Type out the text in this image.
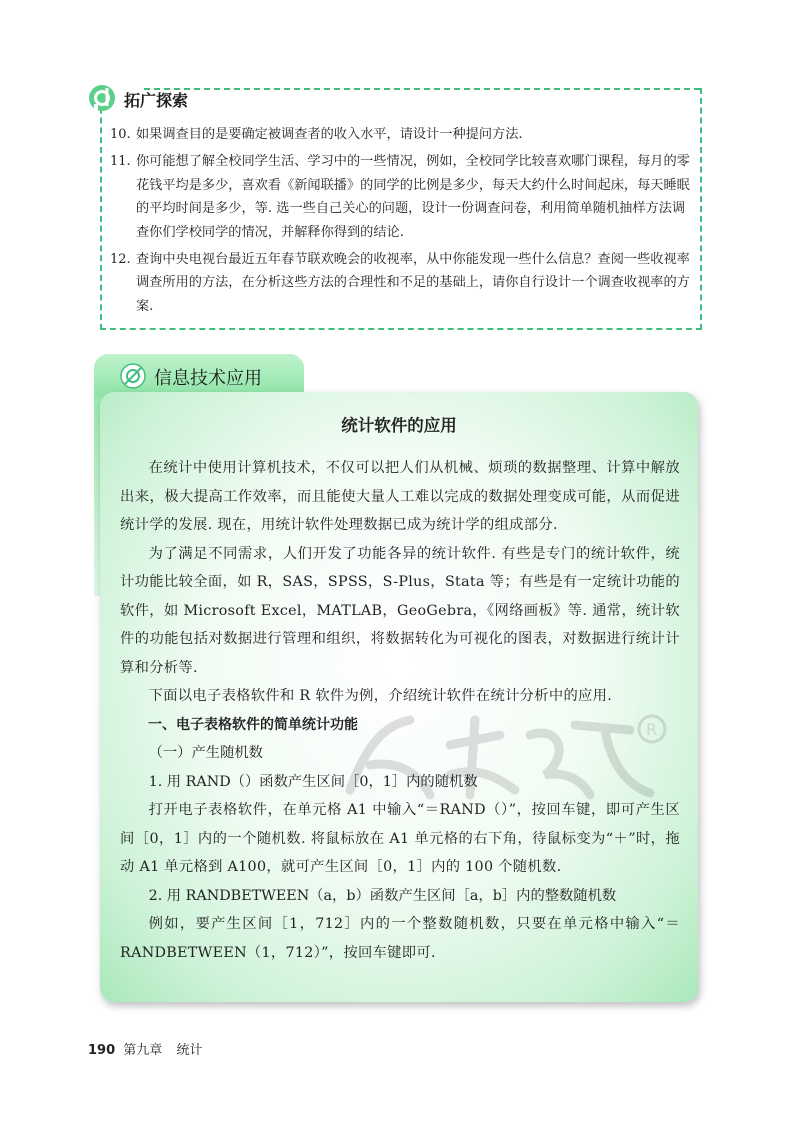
拓广探索
10. 如果调查目的是要确定被调查者的收入水平，请设计一种提问方法.
11. 你可能想了解全校同学生活、学习中的一些情况，例如，全校同学比较喜欢哪门课程，每月的零花钱平均是多少，喜欢看《新闻联播》的同学的比例是多少，每天大约什么时间起床，每天睡眠的平均时间是多少，等. 选一些自己关心的问题，设计一份调查问卷，利用简单随机抽样方法调查你们学校同学的情况，并解释你得到的结论.
12. 查询中央电视台最近五年春节联欢晚会的收视率，从中你能发现一些什么信息？查阅一些收视率调查所用的方法，在分析这些方法的合理性和不足的基础上，请你自行设计一个调查收视率的方案.
信息技术应用
R
统计软件的应用

在统计中使用计算机技术，不仅可以把人们从机械、烦琐的数据整理、计算中解放出来，极大提高工作效率，而且能使大量人工难以完成的数据处理变成可能，从而促进统计学的发展. 现在，用统计软件处理数据已成为统计学的组成部分.

为了满足不同需求，人们开发了功能各异的统计软件. 有些是专门的统计软件，统计功能比较全面，如 R，SAS，SPSS，S-Plus，Stata 等；有些是有一定统计功能的软件，如 Microsoft Excel，MATLAB，GeoGebra，《网络画板》等. 通常，统计软件的功能包括对数据进行管理和组织，将数据转化为可视化的图表，对数据进行统计计算和分析等.

下面以电子表格软件和 R 软件为例，介绍统计软件在统计分析中的应用.

一、电子表格软件的简单统计功能

（一）产生随机数

1. 用 RAND（）函数产生区间［0，1］内的随机数

打开电子表格软件，在单元格 A1 中输入“＝RAND（）”，按回车键，即可产生区间［0，1］内的一个随机数. 将鼠标放在 A1 单元格的右下角，待鼠标变为“＋”时，拖动 A1 单元格到 A100，就可产生区间［0，1］内的 100 个随机数.

2. 用 RANDBETWEEN（a，b）函数产生区间［a，b］内的整数随机数

例如，要产生区间［1，712］内的一个整数随机数，只要在单元格中输入“＝RANDBETWEEN（1，712）”，按回车键即可.

190 第九章 统计
